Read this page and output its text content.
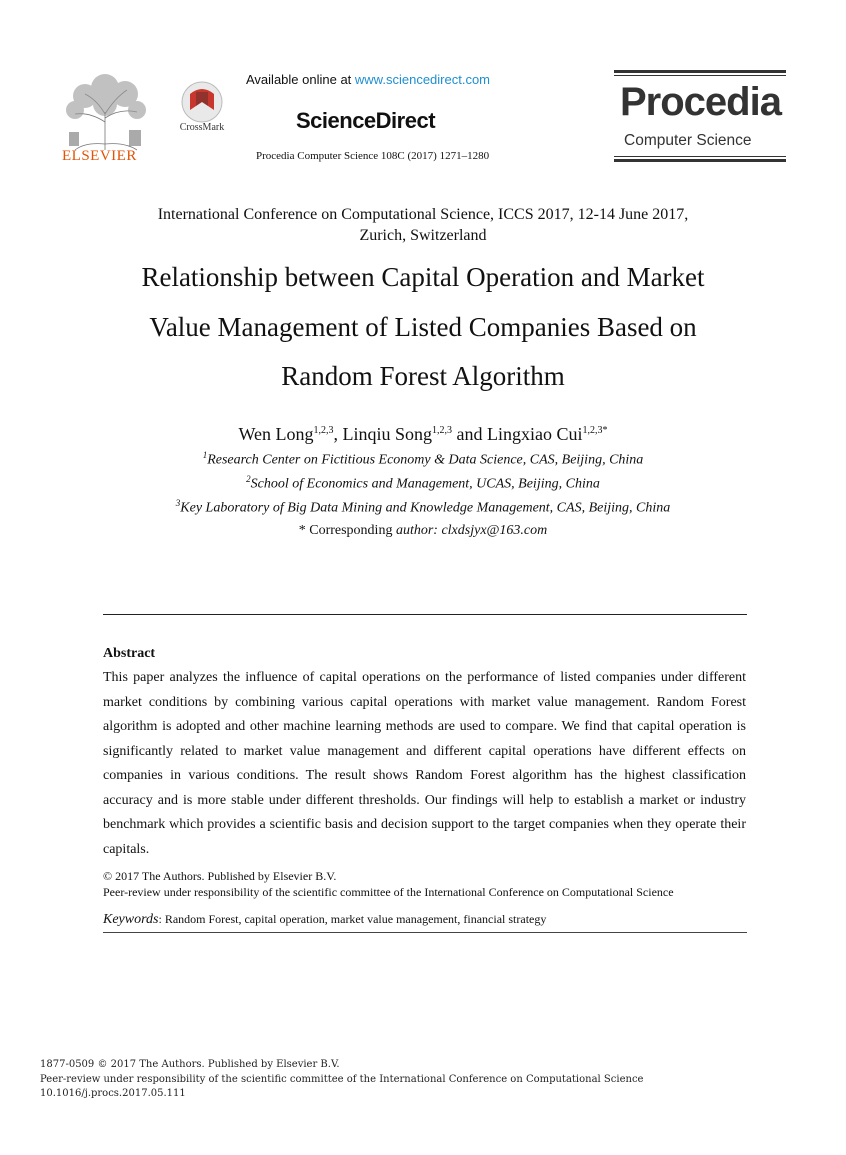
ELSEVIER
CrossMark
Available online at www.sciencedirect.com
ScienceDirect
Procedia Computer Science 108C (2017) 1271–1280
Procedia
Computer Science
International Conference on Computational Science, ICCS 2017, 12-14 June 2017,
Zurich, Switzerland
Relationship between Capital Operation and Market
Value Management of Listed Companies Based on
Random Forest Algorithm
Wen Long$^{1,2,3}$, Linqiu Song$^{1,2,3}$ and Lingxiao Cui$^{1,2,3*}$
$^1$Research Center on Fictitious Economy & Data Science, CAS, Beijing, China
$^2$School of Economics and Management, UCAS, Beijing, China
$^3$Key Laboratory of Big Data Mining and Knowledge Management, CAS, Beijing, China
* Corresponding author: clxdsjyx@163.com
Abstract
This paper analyzes the influence of capital operations on the performance of listed companies under different market conditions by combining various capital operations with market value management. Random Forest algorithm is adopted and other machine learning methods are used to compare. We find that capital operation is significantly related to market value management and different capital operations have different effects on companies in various conditions. The result shows Random Forest algorithm has the highest classification accuracy and is more stable under different thresholds. Our findings will help to establish a market or industry benchmark which provides a scientific basis and decision support to the target companies when they operate their capitals.
© 2017 The Authors. Published by Elsevier B.V.
Peer-review under responsibility of the scientific committee of the International Conference on Computational Science
Keywords: Random Forest, capital operation, market value management, financial strategy
1877-0509 © 2017 The Authors. Published by Elsevier B.V.
Peer-review under responsibility of the scientific committee of the International Conference on Computational Science
10.1016/j.procs.2017.05.111
